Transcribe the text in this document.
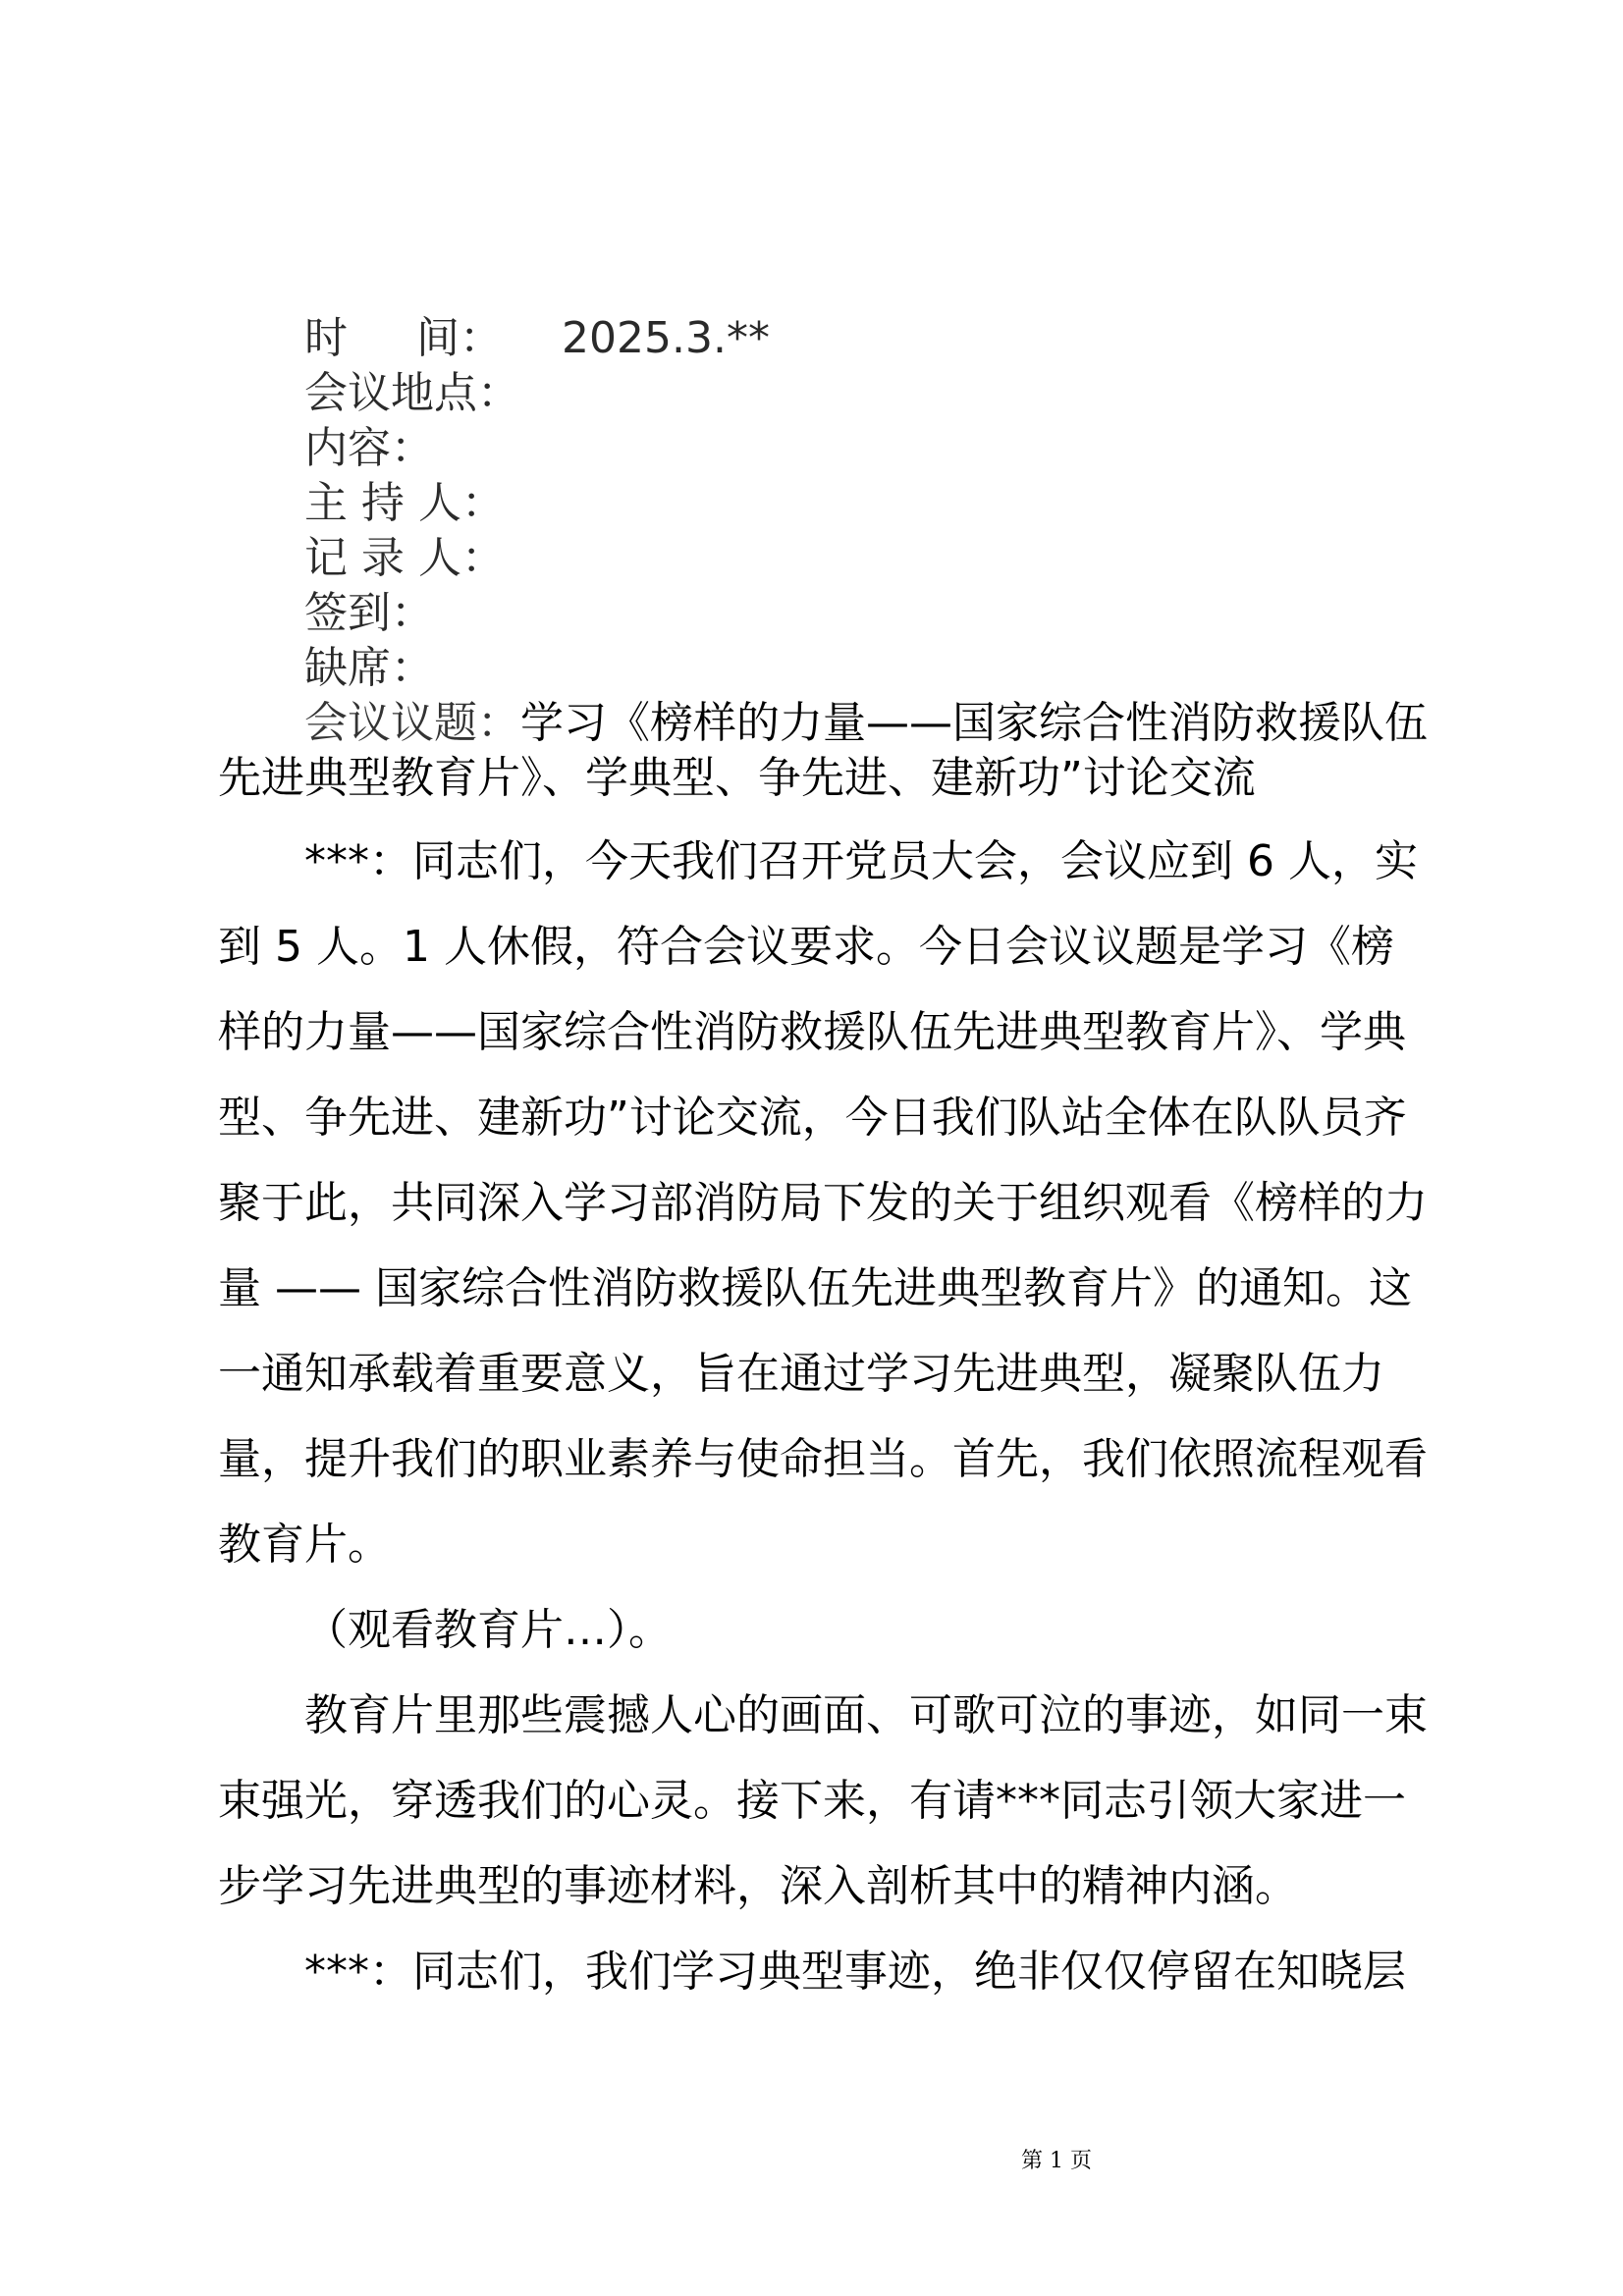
时 间： 2025.3.**

会议地点：

内容：

主 持 人：

记 录 人：

签到：

缺席：

会议议题：学习《榜样的力量——国家综合性消防救援队伍先进典型教育片》、学典型、争先进、建新功”讨论交流

***：同志们，今天我们召开党员大会，会议应到 6 人，实到 5 人。1 人休假，符合会议要求。今日会议议题是学习《榜样的力量——国家综合性消防救援队伍先进典型教育片》、学典型、争先进、建新功”讨论交流，今日我们队站全体在队队员齐聚于此，共同深入学习部消防局下发的关于组织观看《榜样的力量 —— 国家综合性消防救援队伍先进典型教育片》的通知。这一通知承载着重要意义，旨在通过学习先进典型，凝聚队伍力量，提升我们的职业素养与使命担当。首先，我们依照流程观看教育片。

（观看教育片…）。

教育片里那些震撼人心的画面、可歌可泣的事迹，如同一束束强光，穿透我们的心灵。接下来，有请***同志引领大家进一步学习先进典型的事迹材料，深入剖析其中的精神内涵。

***：同志们，我们学习典型事迹，绝非仅仅停留在知晓层

第 1 页
